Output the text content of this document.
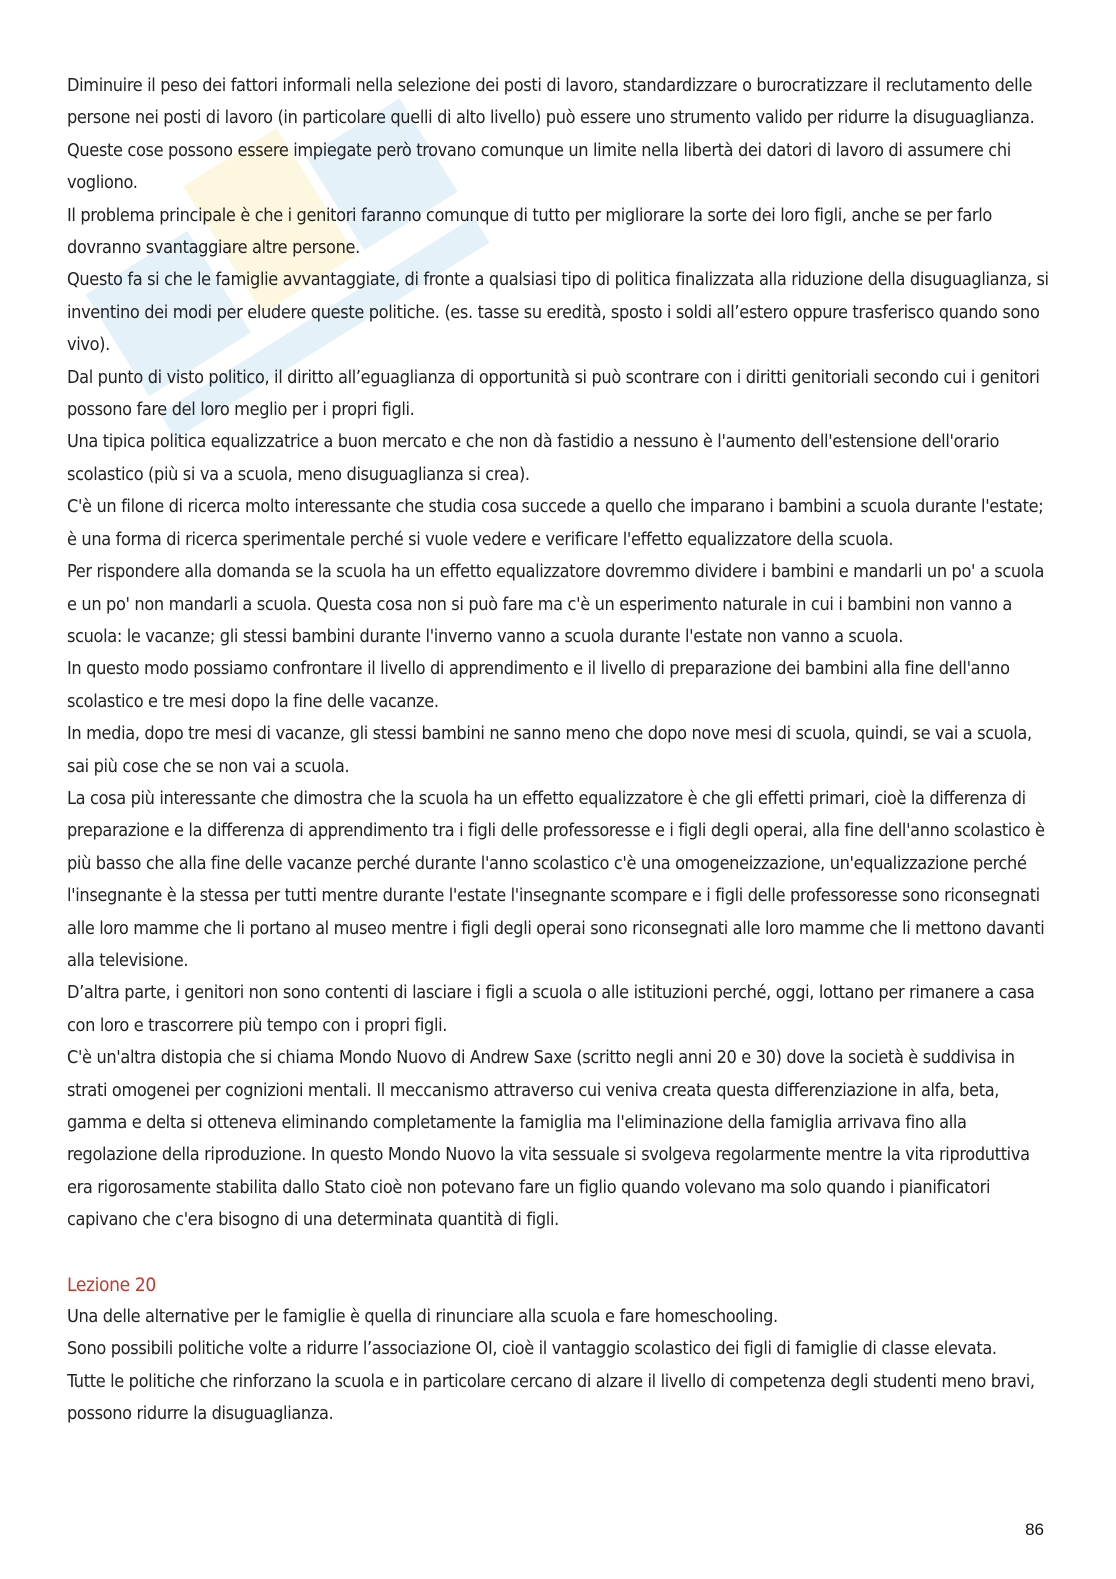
Diminuire il peso dei fattori informali nella selezione dei posti di lavoro, standardizzare o burocratizzare il reclutamento delle persone nei posti di lavoro (in particolare quelli di alto livello) può essere uno strumento valido per ridurre la disuguaglianza.

Queste cose possono essere impiegate però trovano comunque un limite nella libertà dei datori di lavoro di assumere chi vogliono.

Il problema principale è che i genitori faranno comunque di tutto per migliorare la sorte dei loro figli, anche se per farlo dovranno svantaggiare altre persone.

Questo fa si che le famiglie avvantaggiate, di fronte a qualsiasi tipo di politica finalizzata alla riduzione della disuguaglianza, si inventino dei modi per eludere queste politiche. (es. tasse su eredità, sposto i soldi all’estero oppure trasferisco quando sono vivo).

Dal punto di visto politico, il diritto all’eguaglianza di opportunità si può scontrare con i diritti genitoriali secondo cui i genitori possono fare del loro meglio per i propri figli.

Una tipica politica equalizzatrice a buon mercato e che non dà fastidio a nessuno è l'aumento dell'estensione dell'orario scolastico (più si va a scuola, meno disuguaglianza si crea).

C'è un filone di ricerca molto interessante che studia cosa succede a quello che imparano i bambini a scuola durante l'estate; è una forma di ricerca sperimentale perché si vuole vedere e verificare l'effetto equalizzatore della scuola.

Per rispondere alla domanda se la scuola ha un effetto equalizzatore dovremmo dividere i bambini e mandarli un po' a scuola e un po' non mandarli a scuola. Questa cosa non si può fare ma c'è un esperimento naturale in cui i bambini non vanno a scuola: le vacanze; gli stessi bambini durante l'inverno vanno a scuola durante l'estate non vanno a scuola.

In questo modo possiamo confrontare il livello di apprendimento e il livello di preparazione dei bambini alla fine dell'anno scolastico e tre mesi dopo la fine delle vacanze.

In media, dopo tre mesi di vacanze, gli stessi bambini ne sanno meno che dopo nove mesi di scuola, quindi, se vai a scuola, sai più cose che se non vai a scuola.

La cosa più interessante che dimostra che la scuola ha un effetto equalizzatore è che gli effetti primari, cioè la differenza di preparazione e la differenza di apprendimento tra i figli delle professoresse e i figli degli operai, alla fine dell'anno scolastico è più basso che alla fine delle vacanze perché durante l'anno scolastico c'è una omogeneizzazione, un'equalizzazione perché l'insegnante è la stessa per tutti mentre durante l'estate l'insegnante scompare e i figli delle professoresse sono riconsegnati alle loro mamme che li portano al museo mentre i figli degli operai sono riconsegnati alle loro mamme che li mettono davanti alla televisione.

D’altra parte, i genitori non sono contenti di lasciare i figli a scuola o alle istituzioni perché, oggi, lottano per rimanere a casa con loro e trascorrere più tempo con i propri figli.

C'è un'altra distopia che si chiama Mondo Nuovo di Andrew Saxe (scritto negli anni 20 e 30) dove la società è suddivisa in strati omogenei per cognizioni mentali. Il meccanismo attraverso cui veniva creata questa differenziazione in alfa, beta, gamma e delta si otteneva eliminando completamente la famiglia ma l'eliminazione della famiglia arrivava fino alla regolazione della riproduzione. In questo Mondo Nuovo la vita sessuale si svolgeva regolarmente mentre la vita riproduttiva era rigorosamente stabilita dallo Stato cioè non potevano fare un figlio quando volevano ma solo quando i pianificatori capivano che c'era bisogno di una determinata quantità di figli.

Lezione 20

Una delle alternative per le famiglie è quella di rinunciare alla scuola e fare homeschooling.

Sono possibili politiche volte a ridurre l’associazione OI, cioè il vantaggio scolastico dei figli di famiglie di classe elevata.

Tutte le politiche che rinforzano la scuola e in particolare cercano di alzare il livello di competenza degli studenti meno bravi, possono ridurre la disuguaglianza.

86
